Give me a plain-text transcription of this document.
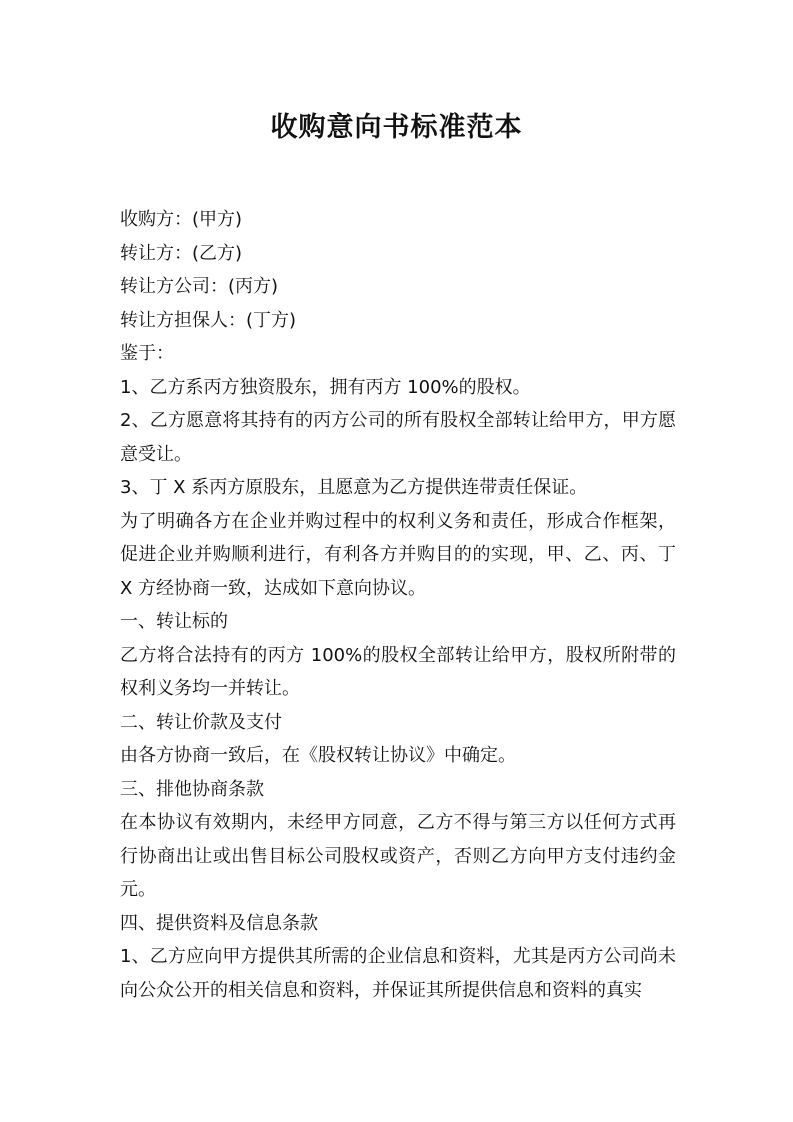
收购意向书标准范本

收购方：(甲方)

转让方：(乙方)

转让方公司：(丙方)

转让方担保人：(丁方)

鉴于：

1、乙方系丙方独资股东，拥有丙方 100%的股权。

2、乙方愿意将其持有的丙方公司的所有股权全部转让给甲方，甲方愿意受让。

3、丁 X 系丙方原股东，且愿意为乙方提供连带责任保证。

为了明确各方在企业并购过程中的权利义务和责任，形成合作框架，促进企业并购顺利进行，有利各方并购目的的实现，甲、乙、丙、丁 X 方经协商一致，达成如下意向协议。

一、转让标的

乙方将合法持有的丙方 100%的股权全部转让给甲方，股权所附带的权利义务均一并转让。

二、转让价款及支付

由各方协商一致后，在《股权转让协议》中确定。

三、排他协商条款

在本协议有效期内，未经甲方同意，乙方不得与第三方以任何方式再行协商出让或出售目标公司股权或资产，否则乙方向甲方支付违约金元。

四、提供资料及信息条款

1、乙方应向甲方提供其所需的企业信息和资料，尤其是丙方公司尚未向公众公开的相关信息和资料，并保证其所提供信息和资料的真实
